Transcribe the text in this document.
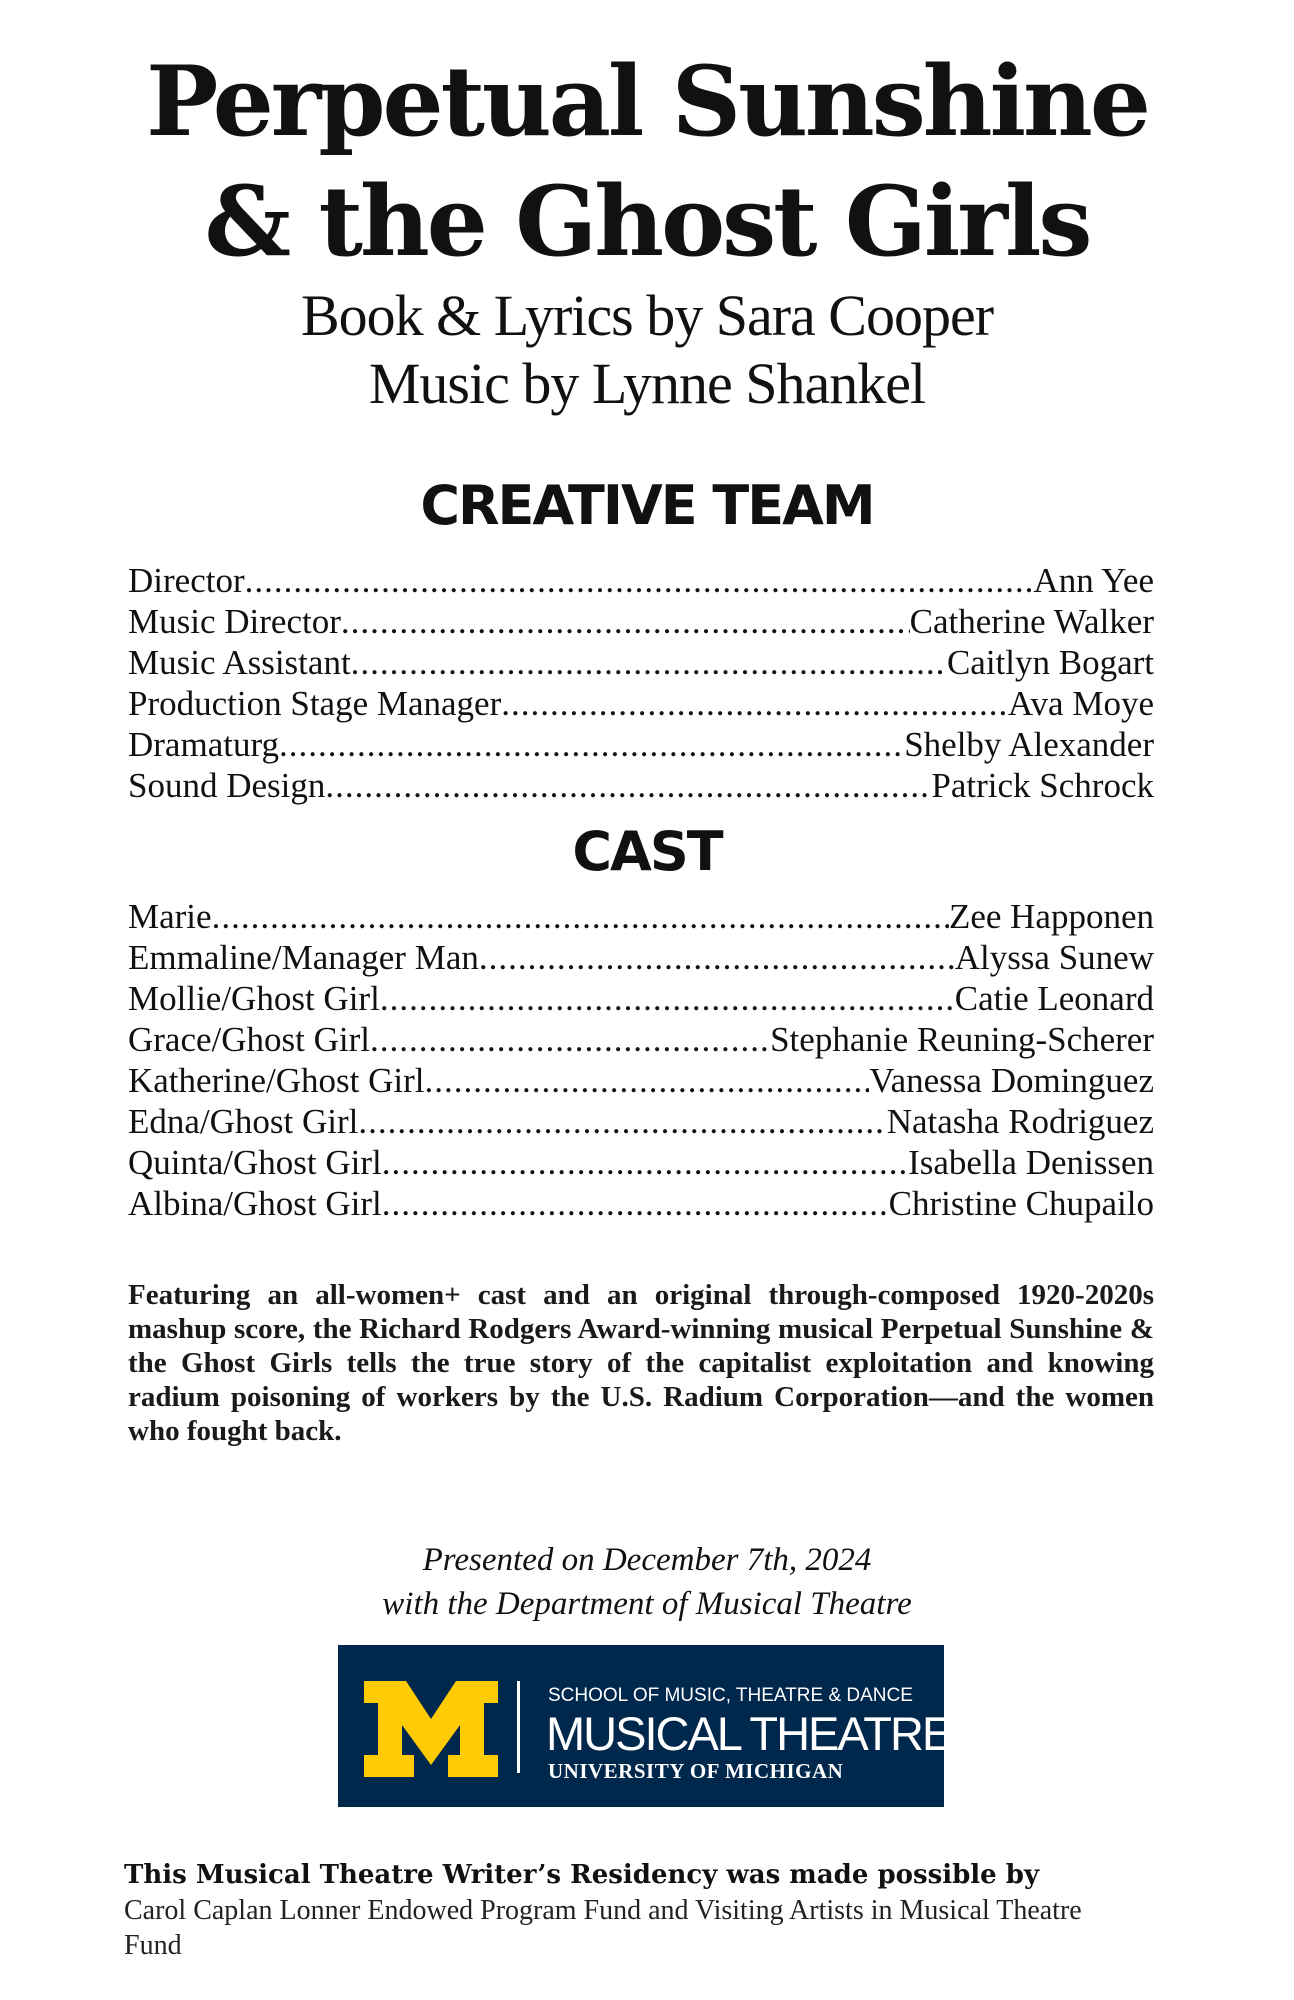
Perpetual Sunshine
& the Ghost Girls
Book & Lyrics by Sara Cooper
Music by Lynne Shankel
CREATIVE TEAM
Director .....	Ann Yee
Music Director .....	Catherine Walker
Music Assistant .....	Caitlyn Bogart
Production Stage Manager .....	Ava Moye
Dramaturg .....	Shelby Alexander
Sound Design .....	Patrick Schrock
CAST
Marie .....	Zee Happonen
Emmaline/Manager Man .....	Alyssa Sunew
Mollie/Ghost Girl .....	Catie Leonard
Grace/Ghost Girl .....	Stephanie Reuning-Scherer
Katherine/Ghost Girl .....	Vanessa Dominguez
Edna/Ghost Girl .....	Natasha Rodriguez
Quinta/Ghost Girl .....	Isabella Denissen
Albina/Ghost Girl .....	Christine Chupailo

Featuring an all-women+ cast and an original through-composed 1920-2020s mashup score, the Richard Rodgers Award-winning musical Perpetual Sunshine & the Ghost Girls tells the true story of the capitalist exploitation and knowing radium poisoning of workers by the U.S. Radium Corporation—and the women who fought back.

Presented on December 7th, 2024
with the Department of Musical Theatre
SCHOOL OF MUSIC, THEATRE & DANCE
MUSICAL THEATRE
UNIVERSITY OF MICHIGAN

This Musical Theatre Writer’s Residency was made possible by

Carol Caplan Lonner Endowed Program Fund and Visiting Artists in Musical Theatre Fund
